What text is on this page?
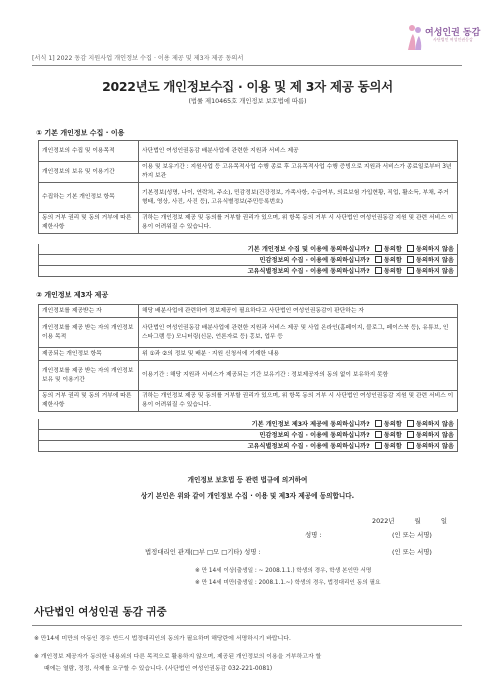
[서식 1] 2022 동감 지원사업 개인정보 수집 · 이용 제공 및 제3자 제공 동의서
여성인권 동감
사단법인 여성인권동감
2022년도 개인정보수집 · 이용 및 제 3자 제공 동의서
(법률 제10465호 개인정보 보호법에 따름)
① 기본 개인정보 수집 · 이용
개인정보의 수집 및 이용목적	사단법인 여성인권동감 배분사업에 관련한 지원과 서비스 제공
개인정보의 보유 및 이용기간	이용 및 보유기간 : 지원사업 등 고유목적사업 수행 종료 후 고유목적사업 수행 증빙으로 지원과 서비스가 종료일로부터 3년까지 보관
수집하는 기본 개인정보 항목	기본정보(성명, 나이, 연락처, 주소), 민감정보(건강정보, 가족사항, 수급여부, 의료보험 가입현황, 직업, 활소득, 부채, 주거형태, 영상, 사진, 사진 등), 고유식별정보(주민등록번호)
동의 거부 권리 및 동의 거부에 따른 제한사항	귀하는 개인정보 제공 및 동의를 거부할 권리가 있으며, 위 항목 동의 거부 시 사단법인 여성인권동감 지원 및 관련 서비스 이용이 어려워질 수 있습니다.
기본 개인정보 수집 및 이용에 동의하십니까? 동의함 동의하지 않음
민감정보의 수집 · 이용에 동의하십니까? 동의함 동의하지 않음
고유식별정보의 수집 · 이용에 동의하십니까? 동의함 동의하지 않음
② 개인정보 제3자 제공
개인정보를 제공받는 자	해당 배분사업에 관련하여 정보제공이 필요하다고 사단법인 여성인권동감이 판단하는 자
개인정보를 제공 받는 자의 개인정보 이용 목적	사단법인 여성인권동감 배분사업에 관련한 지원과 서비스 제공 및 사업 온라인(홈페이지, 블로그, 페이스북 등), 유튜브, 인스타그램 등) 모니터링(신문, 언론자료 등) 홍보, 업무 등
제공되는 개인정보 항목	위 ①과 ②의 정보 및 배분 · 지원 신청서에 기재한 내용
개인정보를 제공 받는 자의 개인정보 보유 및 이용기간	이용기간 : 해당 지원과 서비스가 제공되는 기간 보유기간 : 정보제공자의 동의 없이 보유하지 못함
동의 거부 권리 및 동의 거부에 따른 제한사항	귀하는 개인정보 제공 및 동의를 거부할 권리가 있으며, 위 항목 동의 거부 시 사단법인 여성인권동감 지원 및 관련 서비스 이용이 어려워질 수 있습니다.
기본 개인정보 제3자 제공에 동의하십니까? 동의함 동의하지 않음
민감정보의 수집 · 이용에 동의하십니까? 동의함 동의하지 않음
고유식별정보의 수집 · 이용에 동의하십니까? 동의함 동의하지 않음
개인정보 보호법 등 관련 법규에 의거하여
상기 본인은 위와 같이 개인정보 수집 · 이용 및 제3자 제공에 동의합니다.
2022년	월	일
성명 :	(인 또는 서명)
법정대리인 관계(□부 □모 □기타) 성명 :	(인 또는 서명)
※ 만 14세 이상(출생일 : ~ 2008.1.1.) 학생의 경우, 학생 본인만 서명
※ 만 14세 미만(출생일 : 2008.1.1.~) 학생의 경우, 법정대리인 동의 필요
사단법인 여성인권 동감 귀중
※ 만14세 미만의 아동인 경우 반드시 법정대리인의 동의가 필요하며 해당란에 서명하시기 바랍니다.
※ 개인정보 제공자가 동의한 내용외의 다른 목적으로 활용하지 않으며, 제공된 개인정보의 이용을 거부하고자 할
때에는 열람, 정정, 삭제를 요구할 수 있습니다. (사단법인 여성인권동감 032-221-0081)
